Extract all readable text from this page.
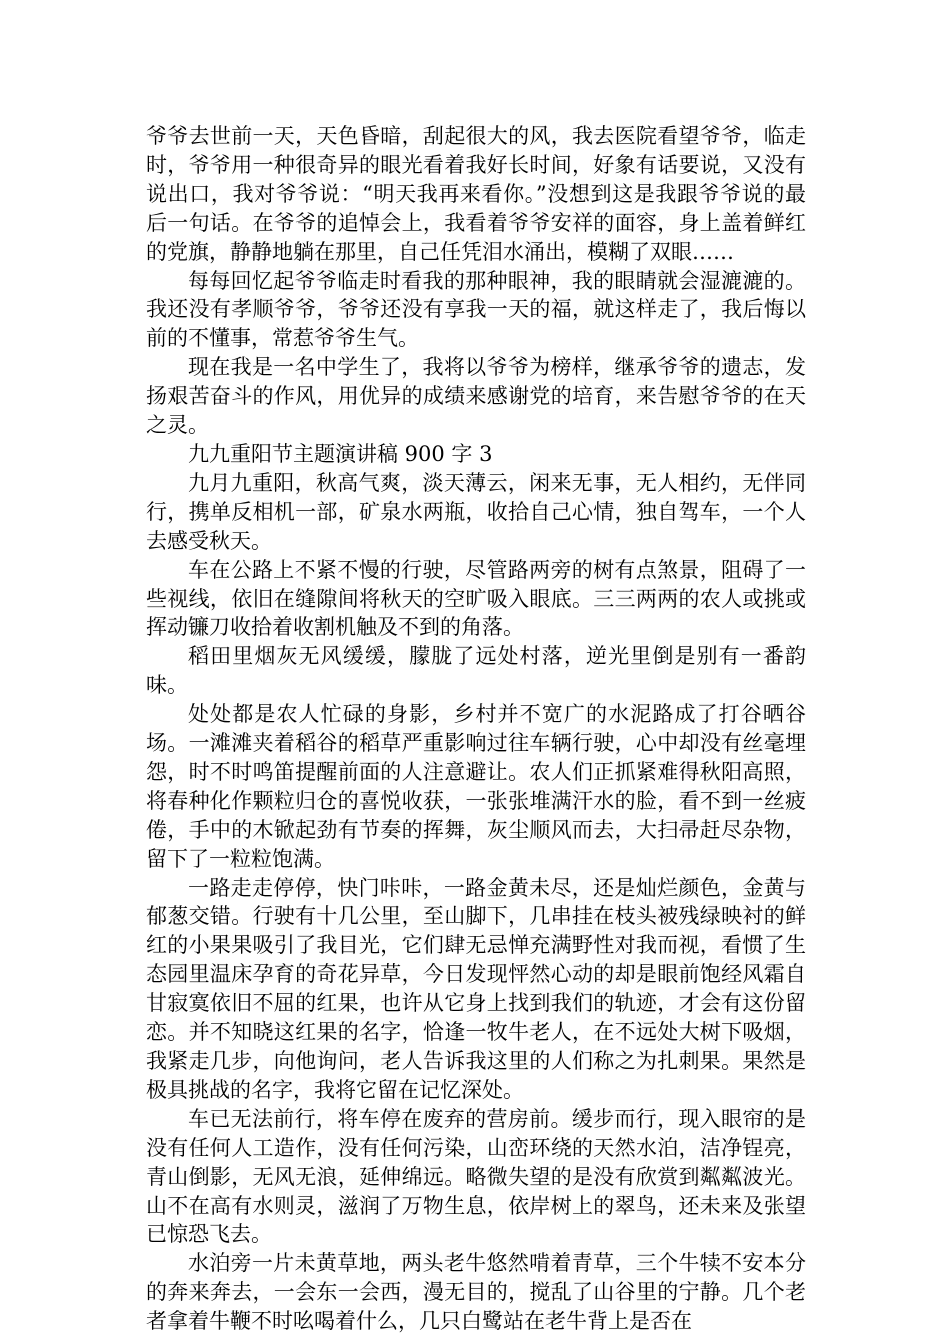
爷爷去世前一天，天色昏暗，刮起很大的风，我去医院看望爷爷，临走时，爷爷用一种很奇异的眼光看着我好长时间，好象有话要说，又没有说出口，我对爷爷说：“明天我再来看你。”没想到这是我跟爷爷说的最后一句话。在爷爷的追悼会上，我看着爷爷安祥的面容，身上盖着鲜红的党旗，静静地躺在那里，自己任凭泪水涌出，模糊了双眼……

每每回忆起爷爷临走时看我的那种眼神，我的眼睛就会湿漉漉的。我还没有孝顺爷爷，爷爷还没有享我一天的福，就这样走了，我后悔以前的不懂事，常惹爷爷生气。

现在我是一名中学生了，我将以爷爷为榜样，继承爷爷的遗志，发扬艰苦奋斗的作风，用优异的成绩来感谢党的培育，来告慰爷爷的在天之灵。

九九重阳节主题演讲稿 900 字 3

九月九重阳，秋高气爽，淡天薄云，闲来无事，无人相约，无伴同行，携单反相机一部，矿泉水两瓶，收拾自己心情，独自驾车，一个人去感受秋天。

车在公路上不紧不慢的行驶，尽管路两旁的树有点煞景，阻碍了一些视线，依旧在缝隙间将秋天的空旷吸入眼底。三三两两的农人或挑或挥动镰刀收拾着收割机触及不到的角落。

稻田里烟灰无风缓缓，朦胧了远处村落，逆光里倒是别有一番韵味。

处处都是农人忙碌的身影，乡村并不宽广的水泥路成了打谷晒谷场。一滩滩夹着稻谷的稻草严重影响过往车辆行驶，心中却没有丝毫埋怨，时不时鸣笛提醒前面的人注意避让。农人们正抓紧难得秋阳高照，将春种化作颗粒归仓的喜悦收获，一张张堆满汗水的脸，看不到一丝疲倦，手中的木锨起劲有节奏的挥舞，灰尘顺风而去，大扫帚赶尽杂物，留下了一粒粒饱满。

一路走走停停，快门咔咔，一路金黄未尽，还是灿烂颜色，金黄与郁葱交错。行驶有十几公里，至山脚下，几串挂在枝头被残绿映衬的鲜红的小果果吸引了我目光，它们肆无忌惮充满野性对我而视，看惯了生态园里温床孕育的奇花异草，今日发现怦然心动的却是眼前饱经风霜自甘寂寞依旧不屈的红果，也许从它身上找到我们的轨迹，才会有这份留恋。并不知晓这红果的名字，恰逢一牧牛老人，在不远处大树下吸烟，我紧走几步，向他询问，老人告诉我这里的人们称之为扎刺果。果然是极具挑战的名字，我将它留在记忆深处。

车已无法前行，将车停在废弃的营房前。缓步而行，现入眼帘的是没有任何人工造作，没有任何污染，山峦环绕的天然水泊，洁净锃亮，青山倒影，无风无浪，延伸绵远。略微失望的是没有欣赏到粼粼波光。山不在高有水则灵，滋润了万物生息，依岸树上的翠鸟，还未来及张望已惊恐飞去。

水泊旁一片未黄草地，两头老牛悠然啃着青草，三个牛犊不安本分的奔来奔去，一会东一会西，漫无目的，搅乱了山谷里的宁静。几个老者拿着牛鞭不时吆喝着什么，几只白鹭站在老牛背上是否在
